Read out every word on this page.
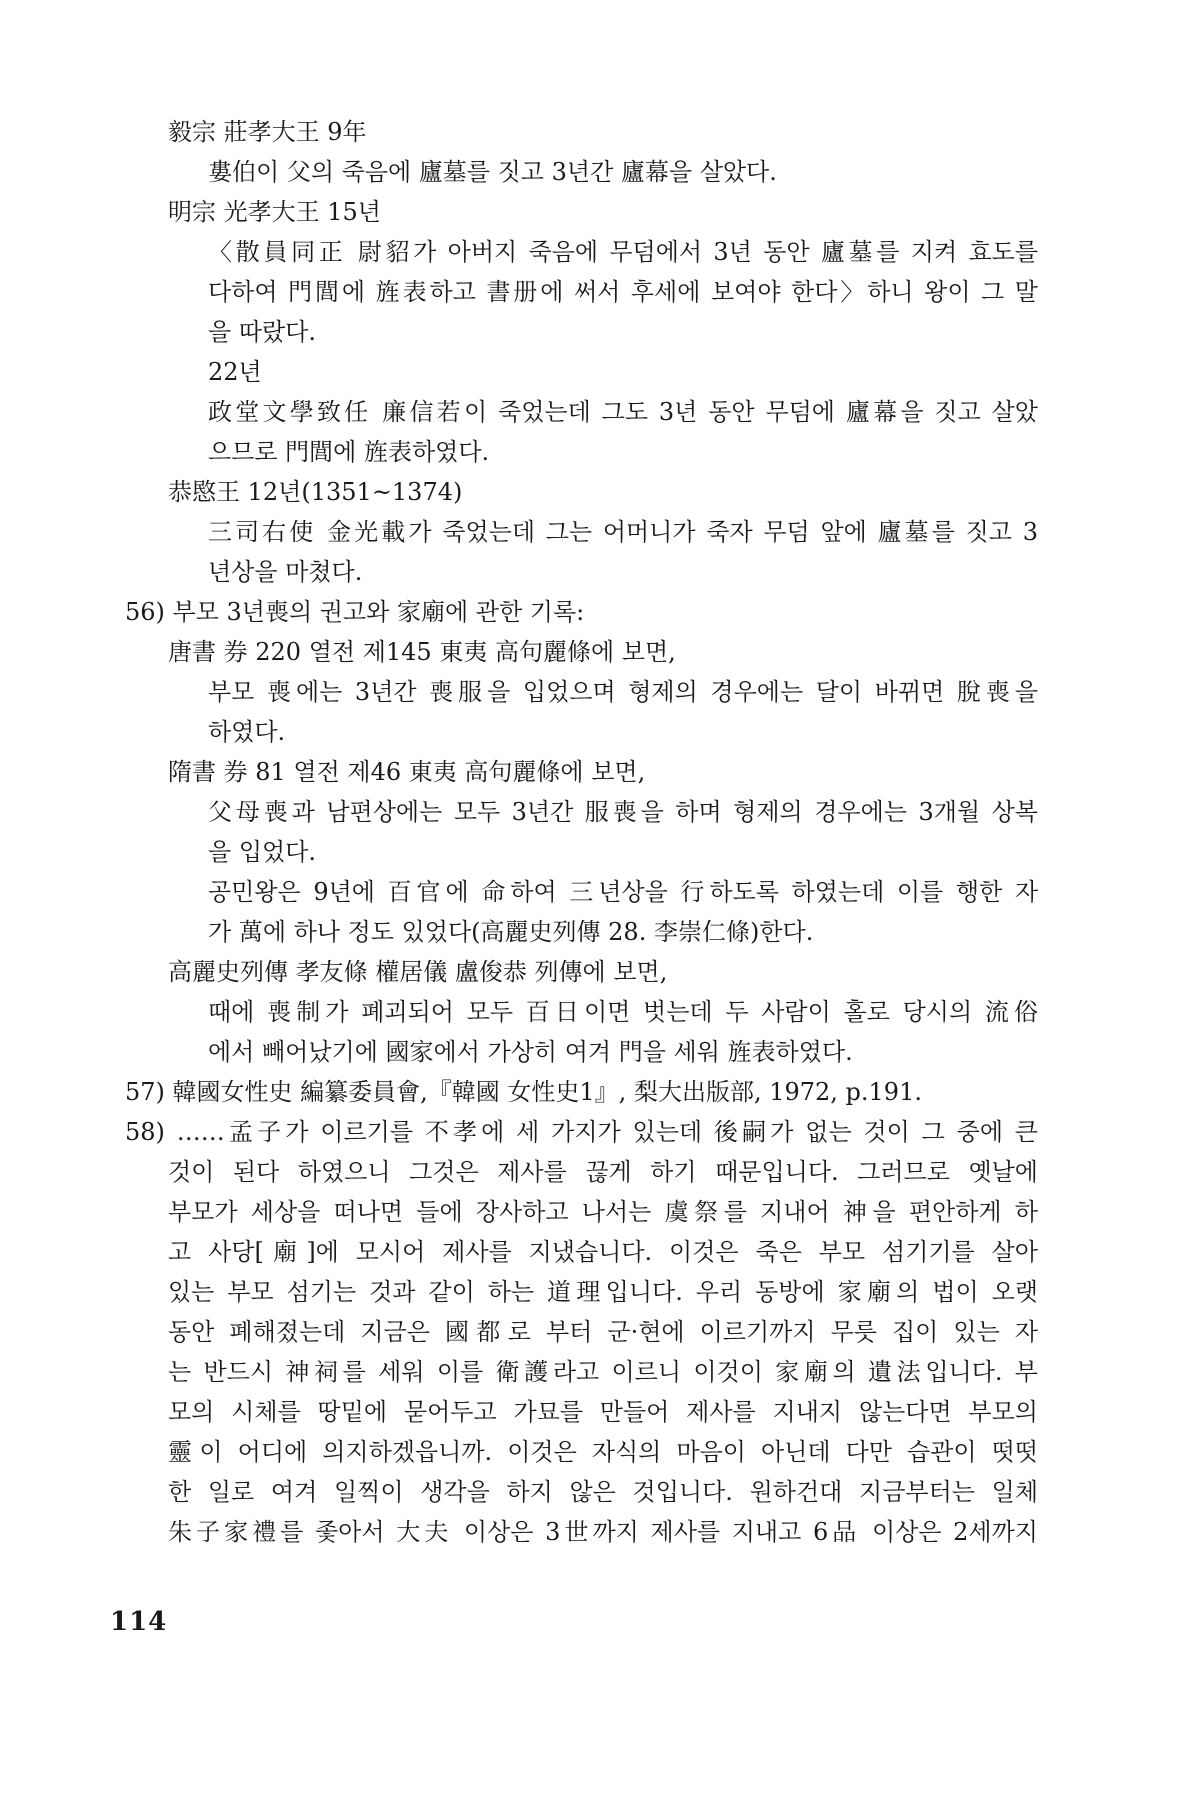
毅宗 莊孝大王 9年
婁伯이 父의 죽음에 廬墓를 짓고 3년간 廬幕을 살았다.
明宗 光孝大王 15년
〈散員同正 尉貂가 아버지 죽음에 무덤에서 3년 동안 廬墓를 지켜 효도를
다하여 門閭에 旌表하고 書册에 써서 후세에 보여야 한다〉하니 왕이 그 말
을 따랐다.
22년
政堂文學致任 廉信若이 죽었는데 그도 3년 동안 무덤에 廬幕을 짓고 살았
으므로 門閭에 旌表하였다.
恭愍王 12년(1351~1374)
三司右使 金光載가 죽었는데 그는 어머니가 죽자 무덤 앞에 廬墓를 짓고 3
년상을 마쳤다.
56) 부모 3년喪의 권고와 家廟에 관한 기록:
唐書 券 220 열전 제145 東夷 高句麗條에 보면,
부모 喪에는 3년간 喪服을 입었으며 형제의 경우에는 달이 바뀌면 脫喪을
하였다.
隋書 券 81 열전 제46 東夷 高句麗條에 보면,
父母喪과 남편상에는 모두 3년간 服喪을 하며 형제의 경우에는 3개월 상복
을 입었다.
공민왕은 9년에 百官에 命하여 三년상을 行하도록 하였는데 이를 행한 자
가 萬에 하나 정도 있었다(高麗史列傳 28. 李崇仁條)한다.
高麗史列傳 孝友條 權居儀 盧俊恭 列傳에 보면,
때에 喪制가 폐괴되어 모두 百日이면 벗는데 두 사람이 홀로 당시의 流俗
에서 빼어났기에 國家에서 가상히 여겨 門을 세워 旌表하였다.
57) 韓國女性史 編纂委員會,『韓國 女性史1』, 梨大出版部, 1972, p.191.
58) ……孟子가 이르기를 不孝에 세 가지가 있는데 後嗣가 없는 것이 그 중에 큰
것이 된다 하였으니 그것은 제사를 끊게 하기 때문입니다. 그러므로 옛날에
부모가 세상을 떠나면 들에 장사하고 나서는 虞祭를 지내어 神을 편안하게 하
고 사당[廟]에 모시어 제사를 지냈습니다. 이것은 죽은 부모 섬기기를 살아
있는 부모 섬기는 것과 같이 하는 道理입니다. 우리 동방에 家廟의 법이 오랫
동안 폐해졌는데 지금은 國都로 부터 군·현에 이르기까지 무릇 집이 있는 자
는 반드시 神祠를 세워 이를 衛護라고 이르니 이것이 家廟의 遺法입니다. 부
모의 시체를 땅밑에 묻어두고 가묘를 만들어 제사를 지내지 않는다면 부모의
靈이 어디에 의지하겠읍니까. 이것은 자식의 마음이 아닌데 다만 습관이 떳떳
한 일로 여겨 일찍이 생각을 하지 않은 것입니다. 원하건대 지금부터는 일체
朱子家禮를 좇아서 大夫 이상은 3世까지 제사를 지내고 6品 이상은 2세까지
114
